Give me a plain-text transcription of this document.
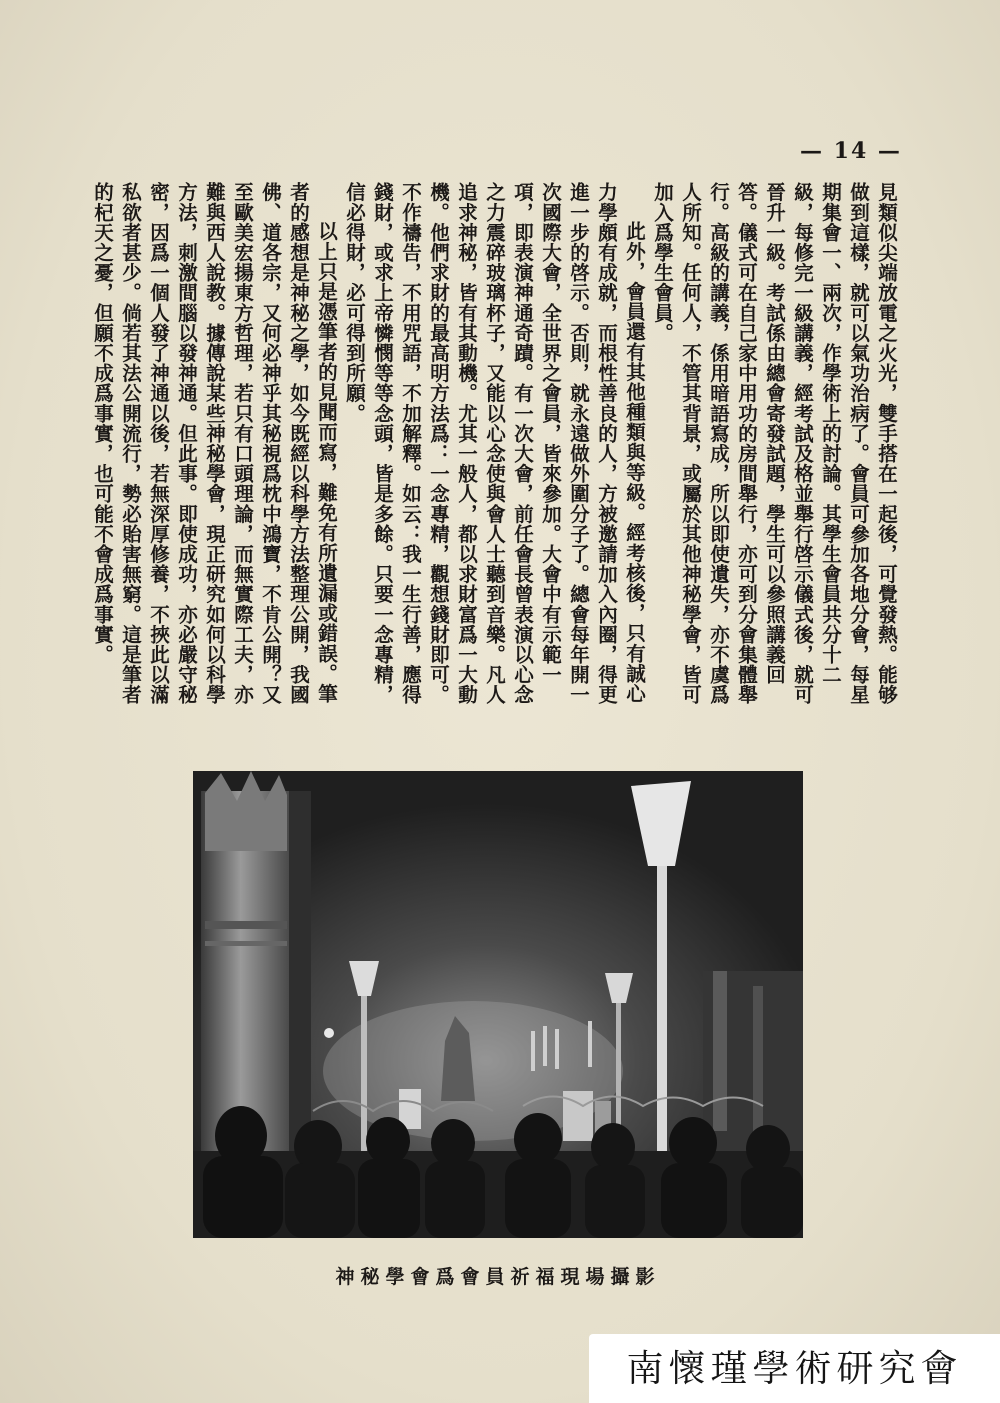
— 14 —

見類似尖端放電之火光，雙手搭在一起後，可覺發熱。能够做到這樣，就可以氣功治病了。會員可參加各地分會，每星期集會一、兩次，作學術上的討論。其學生會員共分十二級，每修完一級講義，經考試及格並舉行啓示儀式後，就可晉升一級。考試係由總會寄發試題，學生可以參照講義回答。儀式可在自己家中用功的房間舉行，亦可到分會集體舉行。高級的講義，係用暗語寫成，所以即使遺失，亦不虞爲人所知。任何人，不管其背景，或屬於其他神秘學會，皆可加入爲學生會員。

此外，會員還有其他種類與等級。經考核後，只有誠心力學頗有成就，而根性善良的人，方被邀請加入內圈，得更進一步的啓示。否則，就永遠做外圍分子了。總會每年開一次國際大會，全世界之會員，皆來參加。大會中有示範一項，即表演神通奇蹟。有一次大會，前任會長曾表演以心念之力震碎玻璃杯子，又能以心念使與會人士聽到音樂。凡人追求神秘，皆有其動機。尤其一般人，都以求財富爲一大動機。他們求財的最高明方法爲：一念專精，觀想錢財即可。不作禱告，不用咒語，不加解釋。如云：我一生行善，應得錢財，或求上帝憐憫等等念頭，皆是多餘。只要一念專精，信必得財，必可得到所願。

以上只是憑筆者的見聞而寫，難免有所遺漏或錯誤。筆者的感想是神秘之學，如今既經以科學方法整理公開，我國佛、道各宗，又何必神乎其秘視爲枕中鴻寶，不肯公開？又至歐美宏揚東方哲理，若只有口頭理論，而無實際工夫，亦難與西人說教。據傳說某些神秘學會，現正研究如何以科學方法，刺激間腦以發神通。但此事。即使成功，亦必嚴守秘密，因爲一個人發了神通以後，若無深厚修養，不挾此以滿私欲者甚少。倘若其法公開流行，勢必貽害無窮。這是筆者的杞天之憂，但願不成爲事實，也可能不會成爲事實。

神秘學會爲會員祈福現場攝影
南懷瑾學術研究會
